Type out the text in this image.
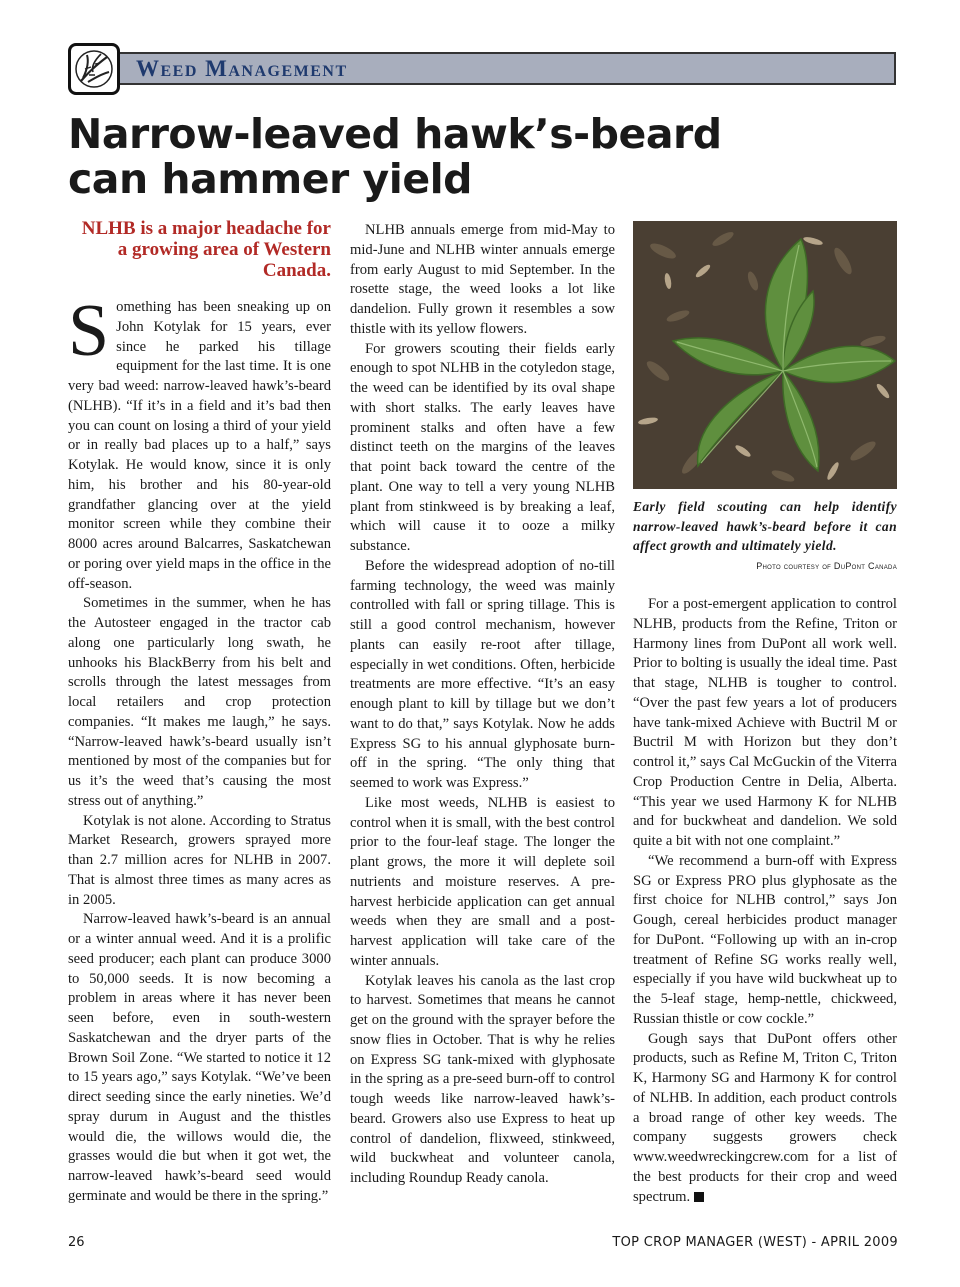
Weed Management
Narrow-leaved hawk’s-beard
can hammer yield
NLHB is a major headache for a growing area of Western Canada.

Something has been sneaking up on John Kotylak for 15 years, ever since he parked his tillage equipment for the last time. It is one very bad weed: narrow-leaved hawk’s-beard (NLHB). “If it’s in a field and it’s bad then you can count on losing a third of your yield or in really bad places up to a half,” says Kotylak. He would know, since it is only him, his brother and his 80-year-old grandfather glancing over at the yield monitor screen while they combine their 8000 acres around Balcarres, Saskatchewan or poring over yield maps in the office in the off-season.

Sometimes in the summer, when he has the Autosteer engaged in the tractor cab along one particularly long swath, he unhooks his BlackBerry from his belt and scrolls through the latest messages from local retailers and crop protection companies. “It makes me laugh,” he says. “Narrow-leaved hawk’s-beard usually isn’t mentioned by most of the companies but for us it’s the weed that’s causing the most stress out of anything.”

Kotylak is not alone. According to Stratus Market Research, growers sprayed more than 2.7 million acres for NLHB in 2007. That is almost three times as many acres as in 2005.

Narrow-leaved hawk’s-beard is an annual or a winter annual weed. And it is a prolific seed producer; each plant can produce 3000 to 50,000 seeds. It is now becoming a problem in areas where it has never been seen before, even in south-western Saskatchewan and the dryer parts of the Brown Soil Zone. “We started to notice it 12 to 15 years ago,” says Kotylak. “We’ve been direct seeding since the early nineties. We’d spray durum in August and the thistles would die, the willows would die, the grasses would die but when it got wet, the narrow-leaved hawk’s-beard seed would germinate and would be there in the spring.”

NLHB annuals emerge from mid-May to mid-June and NLHB winter annuals emerge from early August to mid September. In the rosette stage, the weed looks a lot like dandelion. Fully grown it resembles a sow thistle with its yellow flowers.

For growers scouting their fields early enough to spot NLHB in the cotyledon stage, the weed can be identified by its oval shape with short stalks. The early leaves have prominent stalks and often have a few distinct teeth on the margins of the leaves that point back toward the centre of the plant. One way to tell a very young NLHB plant from stinkweed is by breaking a leaf, which will cause it to ooze a milky substance.

Before the widespread adoption of no-till farming technology, the weed was mainly controlled with fall or spring tillage. This is still a good control mechanism, however plants can easily re-root after tillage, especially in wet conditions. Often, herbicide treatments are more effective. “It’s an easy enough plant to kill by tillage but we don’t want to do that,” says Kotylak. Now he adds Express SG to his annual glyphosate burn-off in the spring. “The only thing that seemed to work was Express.”

Like most weeds, NLHB is easiest to control when it is small, with the best control prior to the four-leaf stage. The longer the plant grows, the more it will deplete soil nutrients and moisture reserves. A pre-harvest herbicide application can get annual weeds when they are small and a post-harvest application will take care of the winter annuals.

Kotylak leaves his canola as the last crop to harvest. Sometimes that means he cannot get on the ground with the sprayer before the snow flies in October. That is why he relies on Express SG tank-mixed with glyphosate in the spring as a pre-seed burn-off to control tough weeds like narrow-leaved hawk’s-beard. Growers also use Express to heat up control of dandelion, flixweed, stinkweed, wild buckwheat and volunteer canola, including Roundup Ready canola.

Early field scouting can help identify narrow-leaved hawk’s-beard before it can affect growth and ultimately yield.
Photo courtesy of DuPont Canada

For a post-emergent application to control NLHB, products from the Refine, Triton or Harmony lines from DuPont all work well. Prior to bolting is usually the ideal time. Past that stage, NLHB is tougher to control. “Over the past few years a lot of producers have tank-mixed Achieve with Buctril M or Buctril M with Horizon but they don’t control it,” says Cal McGuckin of the Viterra Crop Production Centre in Delia, Alberta. “This year we used Harmony K for NLHB and for buckwheat and dandelion. We sold quite a bit with not one complaint.”

“We recommend a burn-off with Express SG or Express PRO plus glyphosate as the first choice for NLHB control,” says Jon Gough, cereal herbicides product manager for DuPont. “Following up with an in-crop treatment of Refine SG works really well, especially if you have wild buckwheat up to the 5-leaf stage, hemp-nettle, chickweed, Russian thistle or cow cockle.”

Gough says that DuPont offers other products, such as Refine M, Triton C, Triton K, Harmony SG and Harmony K for control of NLHB. In addition, each product controls a broad range of other key weeds. The company suggests growers check www.weedwreckingcrew.com for a list of the best products for their crop and weed spectrum.

26	TOP CROP MANAGER (WEST) - APRIL 2009
